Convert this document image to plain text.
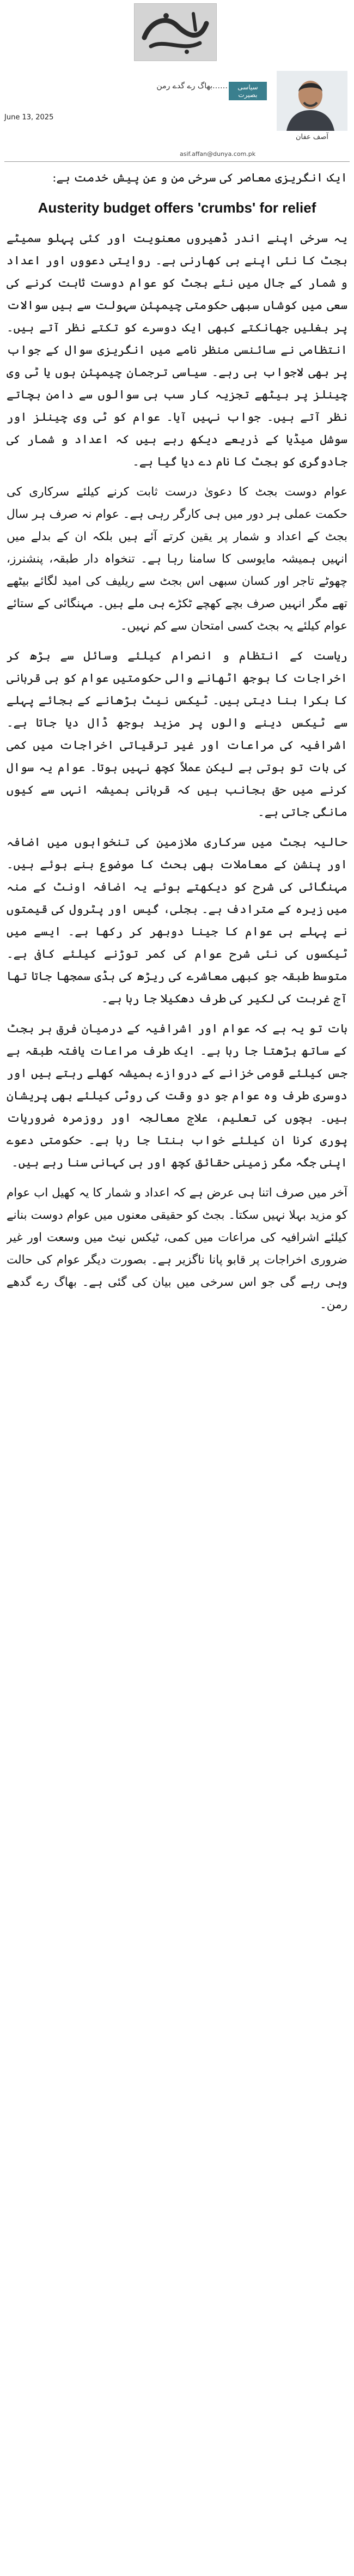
سیاسی بصیرت
……بھاگ رے گدے رمن
آصف عفان
June 13, 2025
asif.affan@dunya.com.pk

ایک انگریزی معاصر کی سرخی من و عن پیش خدمت ہے:

Austerity budget offers 'crumbs' for relief

یہ سرخی اپنے اندر ڈھیروں معنویت اور کئی پہلو سمیٹے بجٹ کا نئی اپنے ہی کھارنی ہے۔ روایتی دعووں اور اعداد و شمار کے جال میں نئے بجٹ کو عوام دوست ثابت کرنے کی سعی میں کوشاں سبھی حکومتی چیمپئن سہولت سے ہیں سوالات پر بغلیں جھانکتے کبھی ایک دوسرے کو تکتے نظر آتے ہیں۔ انتظامی نے سائنسی منظر نامے میں انگریزی سوال کے جواب پر بھی لاجواب ہی رہے۔ سیاسی ترجمان چیمپئن ہوں یا ٹی وی چینلز پر بیٹھے تجزیہ کار سب ہی سوالوں سے دامن بچاتے نظر آتے ہیں۔ جواب نہیں آیا۔ عوام کو ٹی وی چینلز اور سوشل میڈیا کے ذریعے دیکھ رہے ہیں کہ اعداد و شمار کی جادوگری کو بجٹ کا نام دے دیا گیا ہے۔

عوام دوست بجٹ کا دعویٰ درست ثابت کرنے کیلئے سرکاری کی حکمت عملی ہر دور میں ہی کارگر رہی ہے۔ عوام نہ صرف ہر سال بجٹ کے اعداد و شمار پر یقین کرتے آئے ہیں بلکہ ان کے بدلے میں انہیں ہمیشہ مایوسی کا سامنا رہا ہے۔ تنخواہ دار طبقہ، پنشنرز، چھوٹے تاجر اور کسان سبھی اس بجٹ سے ریلیف کی امید لگائے بیٹھے تھے مگر انہیں صرف بچے کھچے ٹکڑے ہی ملے ہیں۔ مہنگائی کے ستائے عوام کیلئے یہ بجٹ کسی امتحان سے کم نہیں۔

ریاست کے انتظام و انصرام کیلئے وسائل سے بڑھ کر اخراجات کا بوجھ اٹھانے والی حکومتیں عوام کو ہی قربانی کا بکرا بنا دیتی ہیں۔ ٹیکس نیٹ بڑھانے کے بجائے پہلے سے ٹیکس دینے والوں پر مزید بوجھ ڈال دیا جاتا ہے۔ اشرافیہ کی مراعات اور غیر ترقیاتی اخراجات میں کمی کی بات تو ہوتی ہے لیکن عملاً کچھ نہیں ہوتا۔ عوام یہ سوال کرنے میں حق بجانب ہیں کہ قربانی ہمیشہ انہی سے کیوں مانگی جاتی ہے۔

حالیہ بجٹ میں سرکاری ملازمین کی تنخواہوں میں اضافہ اور پنشن کے معاملات بھی بحث کا موضوع بنے ہوئے ہیں۔ مہنگائی کی شرح کو دیکھتے ہوئے یہ اضافہ اونٹ کے منہ میں زیرہ کے مترادف ہے۔ بجلی، گیس اور پٹرول کی قیمتوں نے پہلے ہی عوام کا جینا دوبھر کر رکھا ہے۔ ایسے میں ٹیکسوں کی نئی شرح عوام کی کمر توڑنے کیلئے کافی ہے۔ متوسط طبقہ جو کبھی معاشرے کی ریڑھ کی ہڈی سمجھا جاتا تھا آج غربت کی لکیر کی طرف دھکیلا جا رہا ہے۔

بات تو یہ ہے کہ عوام اور اشرافیہ کے درمیان فرق ہر بجٹ کے ساتھ بڑھتا جا رہا ہے۔ ایک طرف مراعات یافتہ طبقہ ہے جس کیلئے قومی خزانے کے دروازے ہمیشہ کھلے رہتے ہیں اور دوسری طرف وہ عوام جو دو وقت کی روٹی کیلئے بھی پریشان ہیں۔ بچوں کی تعلیم، علاج معالجہ اور روزمرہ ضروریات پوری کرنا ان کیلئے خواب بنتا جا رہا ہے۔ حکومتی دعوے اپنی جگہ مگر زمینی حقائق کچھ اور ہی کہانی سنا رہے ہیں۔

آخر میں صرف اتنا ہی عرض ہے کہ اعداد و شمار کا یہ کھیل اب عوام کو مزید بہلا نہیں سکتا۔ بجٹ کو حقیقی معنوں میں عوام دوست بنانے کیلئے اشرافیہ کی مراعات میں کمی، ٹیکس نیٹ میں وسعت اور غیر ضروری اخراجات پر قابو پانا ناگزیر ہے۔ بصورت دیگر عوام کی حالت وہی رہے گی جو اس سرخی میں بیان کی گئی ہے۔ بھاگ رے گدھے رمن۔
